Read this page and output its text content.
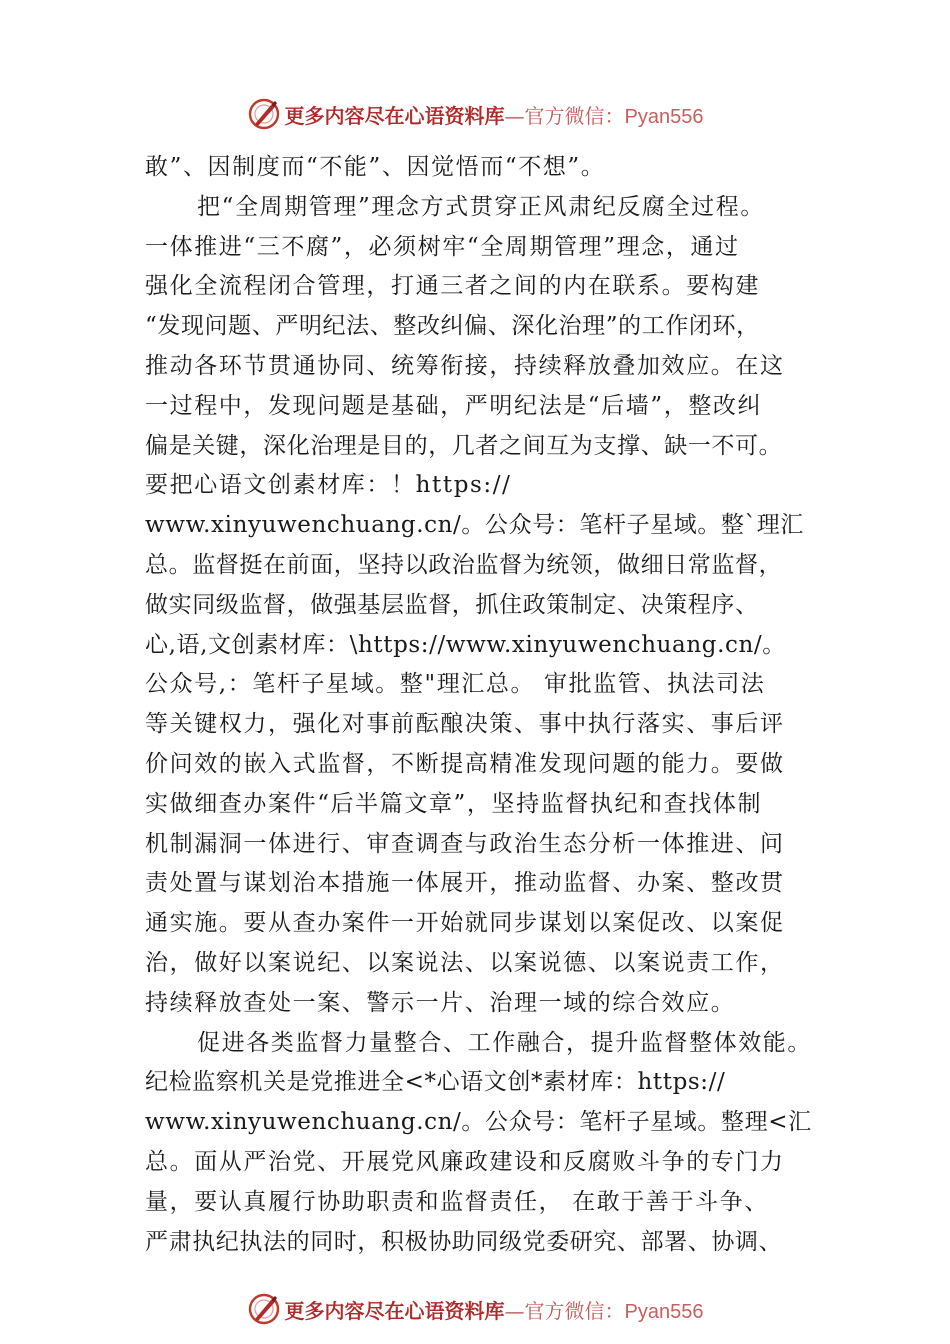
更多内容尽在心语资料库—官方微信：Pyan556
敢”、因制度而“不能”、因觉悟而“不想”。
把“全周期管理”理念方式贯穿正风肃纪反腐全过程。
一体推进“三不腐”，必须树牢“全周期管理”理念，通过
强化全流程闭合管理，打通三者之间的内在联系。要构建
“发现问题、严明纪法、整改纠偏、深化治理”的工作闭环，
推动各环节贯通协同、统筹衔接，持续释放叠加效应。在这
一过程中，发现问题是基础，严明纪法是“后墙”，整改纠
偏是关键，深化治理是目的，几者之间互为支撑、缺一不可。
要把心语文创素材库：！https://
www.xinyuwenchuang.cn/。公众号：笔杆子星域。整`理汇
总。监督挺在前面，坚持以政治监督为统领，做细日常监督，
做实同级监督，做强基层监督，抓住政策制定、决策程序、
心,语,文创素材库：\https://www.xinyuwenchuang.cn/。
公众号,：笔杆子星域。整"理汇总。 审批监管、执法司法
等关键权力，强化对事前酝酿决策、事中执行落实、事后评
价问效的嵌入式监督，不断提高精准发现问题的能力。要做
实做细查办案件“后半篇文章”，坚持监督执纪和查找体制
机制漏洞一体进行、审查调查与政治生态分析一体推进、问
责处置与谋划治本措施一体展开，推动监督、办案、整改贯
通实施。要从查办案件一开始就同步谋划以案促改、以案促
治，做好以案说纪、以案说法、以案说德、以案说责工作，
持续释放查处一案、警示一片、治理一域的综合效应。
促进各类监督力量整合、工作融合，提升监督整体效能。
纪检监察机关是党推进全<*心语文创*素材库：https://
www.xinyuwenchuang.cn/。公众号：笔杆子星域。整理<汇
总。面从严治党、开展党风廉政建设和反腐败斗争的专门力
量，要认真履行协助职责和监督责任， 在敢于善于斗争、
严肃执纪执法的同时，积极协助同级党委研究、部署、协调、
更多内容尽在心语资料库—官方微信：Pyan556
